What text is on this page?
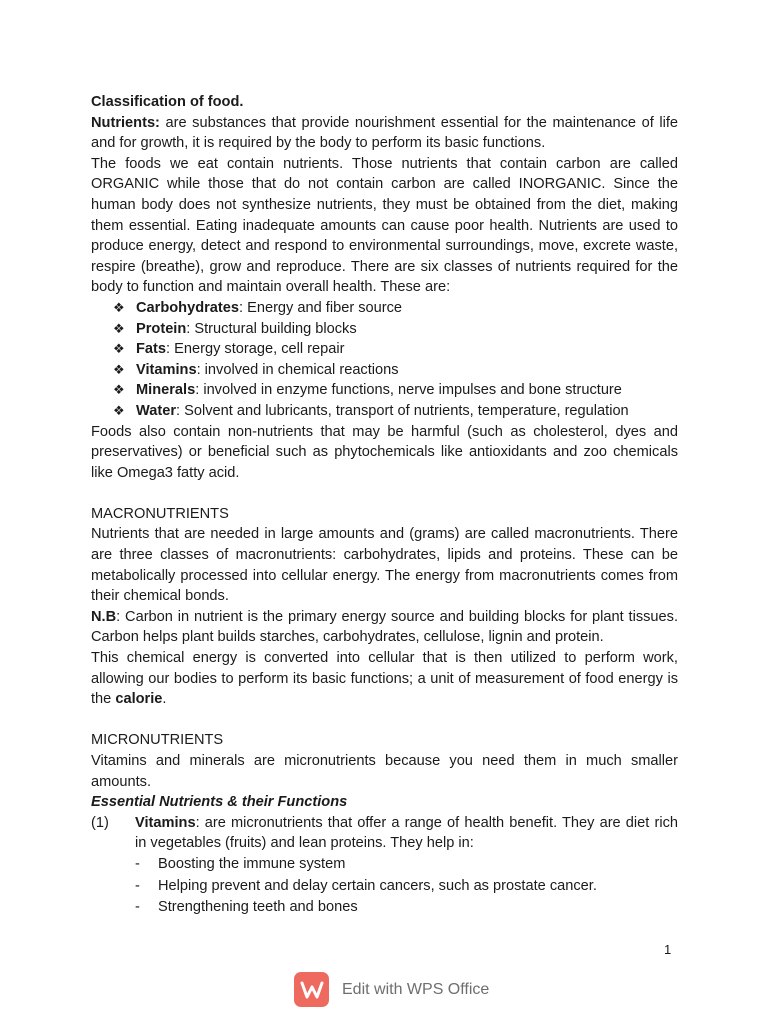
Classification of food.

Nutrients: are substances that provide nourishment essential for the maintenance of life and for growth, it is required by the body to perform its basic functions.

The foods we eat contain nutrients. Those nutrients that contain carbon are called ORGANIC while those that do not contain carbon are called INORGANIC. Since the human body does not synthesize nutrients, they must be obtained from the diet, making them essential. Eating inadequate amounts can cause poor health. Nutrients are used to produce energy, detect and respond to environmental surroundings, move, excrete waste, respire (breathe), grow and reproduce. There are six classes of nutrients required for the body to function and maintain overall health. These are:

❖ Carbohydrates: Energy and fiber source
❖ Protein: Structural building blocks
❖ Fats: Energy storage, cell repair
❖ Vitamins: involved in chemical reactions
❖ Minerals: involved in enzyme functions, nerve impulses and bone structure
❖ Water: Solvent and lubricants, transport of nutrients, temperature, regulation

Foods also contain non-nutrients that may be harmful (such as cholesterol, dyes and preservatives) or beneficial such as phytochemicals like antioxidants and zoo chemicals like Omega3 fatty acid.

MACRONUTRIENTS

Nutrients that are needed in large amounts and (grams) are called macronutrients. There are three classes of macronutrients: carbohydrates, lipids and proteins. These can be metabolically processed into cellular energy. The energy from macronutrients comes from their chemical bonds.

N.B: Carbon in nutrient is the primary energy source and building blocks for plant tissues. Carbon helps plant builds starches, carbohydrates, cellulose, lignin and protein.

This chemical energy is converted into cellular that is then utilized to perform work, allowing our bodies to perform its basic functions; a unit of measurement of food energy is the calorie.

MICRONUTRIENTS

Vitamins and minerals are micronutrients because you need them in much smaller amounts.

Essential Nutrients & their Functions

(1)	Vitamins: are micronutrients that offer a range of health benefit. They are diet rich in vegetables (fruits) and lean proteins. They help in:
- Boosting the immune system
- Helping prevent and delay certain cancers, such as prostate cancer.
- Strengthening teeth and bones
1
Edit with WPS Office
